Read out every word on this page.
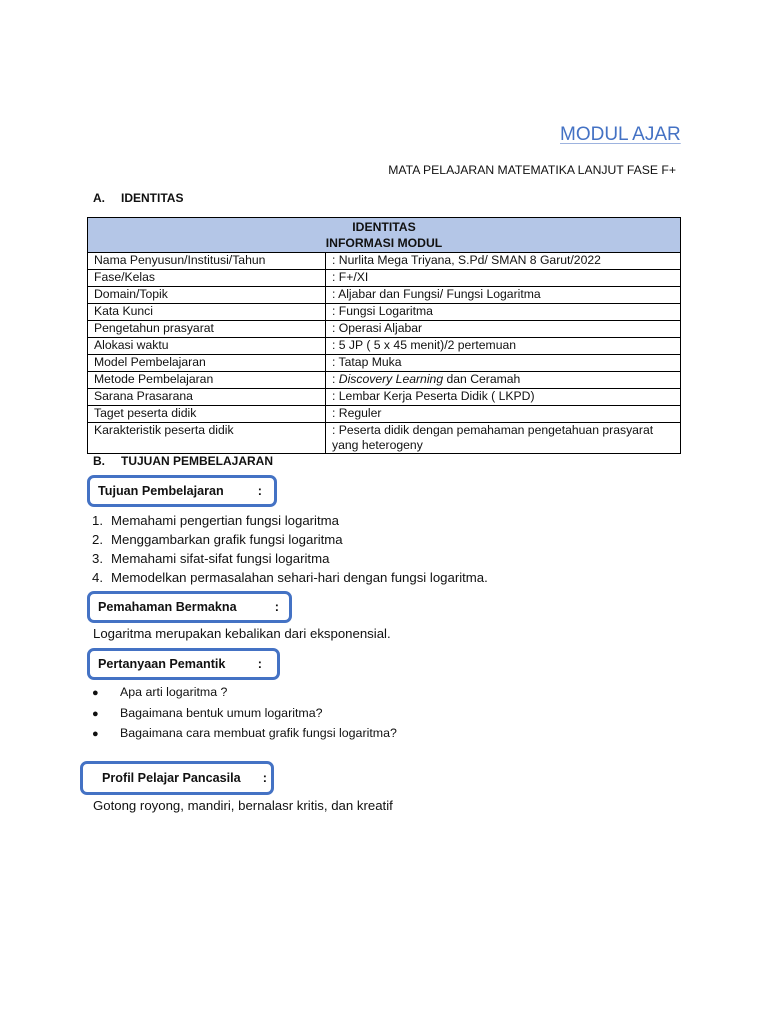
MODUL AJAR
MATA PELAJARAN MATEMATIKA LANJUT FASE F+
A. IDENTITAS
IDENTITAS
INFORMASI MODUL	

Nama Penyusun/Institusi/Tahun	: Nurlita Mega Triyana, S.Pd/ SMAN 8 Garut/2022
Fase/Kelas	: F+/XI
Domain/Topik	: Aljabar dan Fungsi/ Fungsi Logaritma
Kata Kunci	: Fungsi Logaritma
Pengetahun prasyarat	: Operasi Aljabar
Alokasi waktu	: 5 JP ( 5 x 45 menit)/2 pertemuan
Model Pembelajaran	: Tatap Muka
Metode Pembelajaran	: Discovery Learning dan Ceramah
Sarana Prasarana	: Lembar Kerja Peserta Didik ( LKPD)
Taget peserta didik	: Reguler
Karakteristik peserta didik	: Peserta didik dengan pemahaman pengetahuan prasyarat yang heterogeny
B. TUJUAN PEMBELAJARAN
Tujuan Pembelajaran	:
1. Memahami pengertian fungsi logaritma
2. Menggambarkan grafik fungsi logaritma
3. Memahami sifat-sifat fungsi logaritma
4. Memodelkan permasalahan sehari-hari dengan fungsi logaritma.
Pemahaman Bermakna	:
Logaritma merupakan kebalikan dari eksponensial.
Pertanyaan Pemantik	:
● Apa arti logaritma ?
● Bagaimana bentuk umum logaritma?
● Bagaimana cara membuat grafik fungsi logaritma?
Profil Pelajar Pancasila	:
Gotong royong, mandiri, bernalasr kritis, dan kreatif
